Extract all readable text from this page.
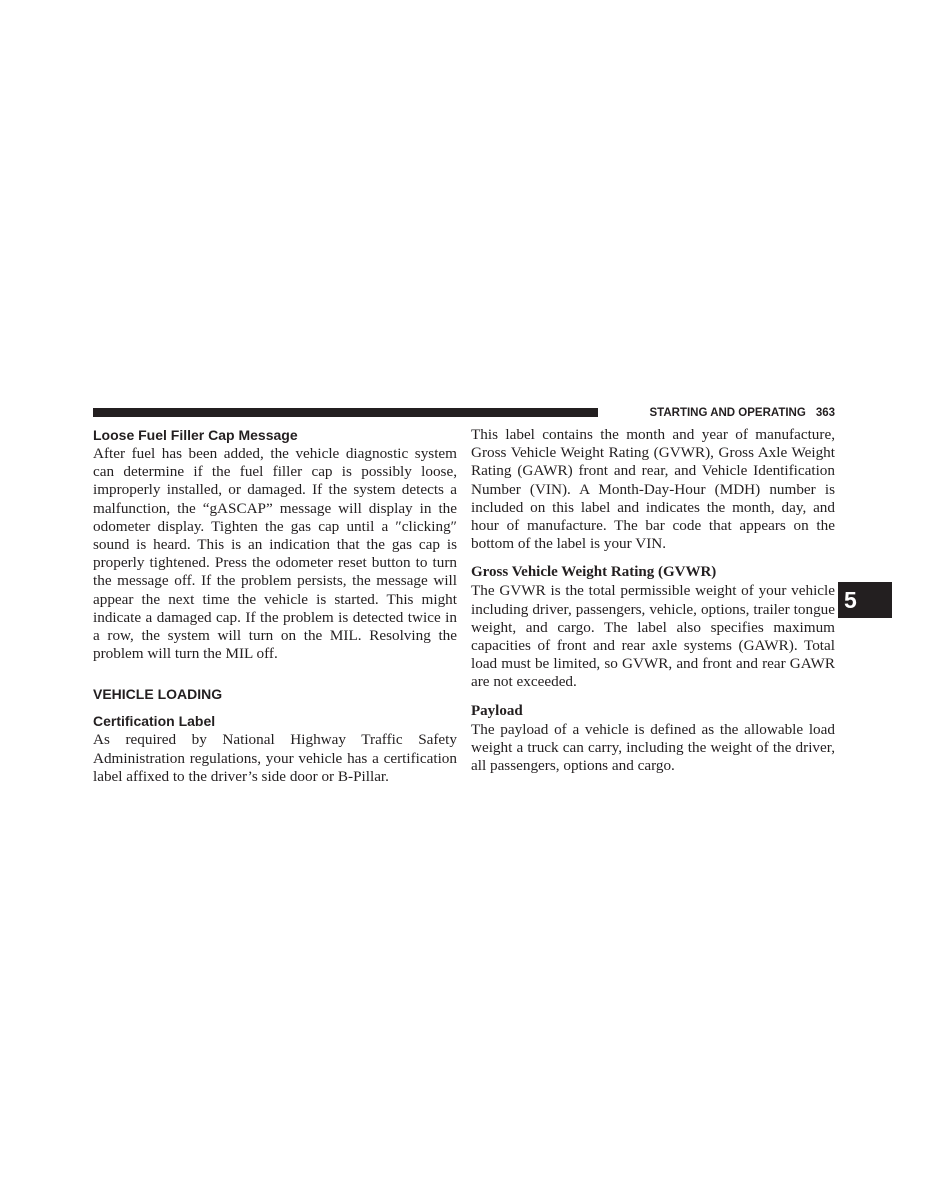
STARTING AND OPERATING 363
Loose Fuel Filler Cap Message

After fuel has been added, the vehicle diagnostic system can determine if the fuel filler cap is possibly loose, improperly installed, or damaged. If the system detects a malfunction, the “gASCAP” message will display in the odometer display. Tighten the gas cap until a ″clicking″ sound is heard. This is an indication that the gas cap is properly tightened. Press the odometer reset button to turn the message off. If the problem persists, the message will appear the next time the vehicle is started. This might indicate a damaged cap. If the problem is detected twice in a row, the system will turn on the MIL. Resolving the problem will turn the MIL off.

VEHICLE LOADING
Certification Label

As required by National Highway Traffic Safety Administration regulations, your vehicle has a certification label affixed to the driver’s side door or B-Pillar.

This label contains the month and year of manufacture, Gross Vehicle Weight Rating (GVWR), Gross Axle Weight Rating (GAWR) front and rear, and Vehicle Identification Number (VIN). A Month-Day-Hour (MDH) number is included on this label and indicates the month, day, and hour of manufacture. The bar code that appears on the bottom of the label is your VIN.

Gross Vehicle Weight Rating (GVWR)

The GVWR is the total permissible weight of your vehicle including driver, passengers, vehicle, options, trailer tongue weight, and cargo. The label also specifies maximum capacities of front and rear axle systems (GAWR). Total load must be limited, so GVWR, and front and rear GAWR are not exceeded.

Payload

The payload of a vehicle is defined as the allowable load weight a truck can carry, including the weight of the driver, all passengers, options and cargo.

5
